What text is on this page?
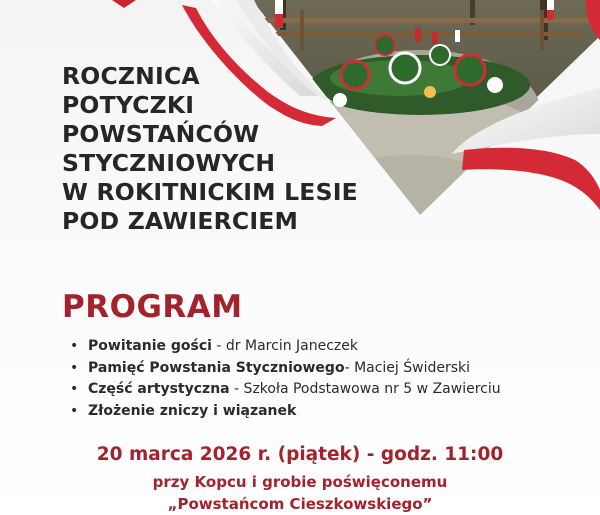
ROCZNICA
POTYCZKI
POWSTAŃCÓW
STYCZNIOWYCH
W ROKITNICKIM LESIE
POD ZAWIERCIEM
PROGRAM
• Powitanie gości - dr Marcin Janeczek
• Pamięć Powstania Styczniowego- Maciej Świderski
• Część artystyczna - Szkoła Podstawowa nr 5 w Zawierciu
• Złożenie zniczy i wiązanek

20 marca 2026 r. (piątek) - godz. 11:00

przy Kopcu i grobie poświęconemu

„Powstańcom Cieszkowskiego”
